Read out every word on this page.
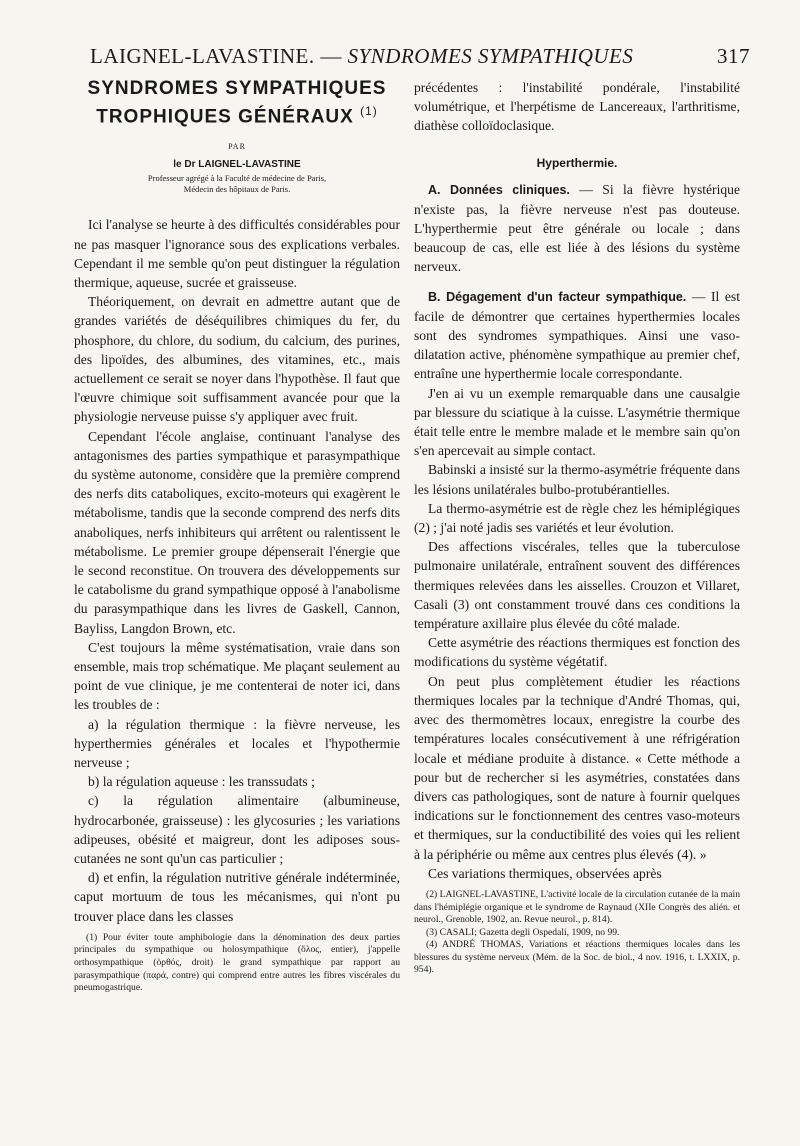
LAIGNEL-LAVASTINE. — SYNDROMES SYMPATHIQUES	317
SYNDROMES SYMPATHIQUES
TROPHIQUES GÉNÉRAUX $^{(1)}$
PAR
le Dr LAIGNEL-LAVASTINE
Professeur agrégé à la Faculté de médecine de Paris,
Médecin des hôpitaux de Paris.

Ici l'analyse se heurte à des difficultés considérables pour ne pas masquer l'ignorance sous des explications verbales. Cependant il me semble qu'on peut distinguer la régulation thermique, aqueuse, sucrée et graisseuse.

Théoriquement, on devrait en admettre autant que de grandes variétés de déséquilibres chimiques du fer, du phosphore, du chlore, du sodium, du calcium, des purines, des lipoïdes, des albumines, des vitamines, etc., mais actuellement ce serait se noyer dans l'hypothèse. Il faut que l'œuvre chimique soit suffisamment avancée pour que la physiologie nerveuse puisse s'y appliquer avec fruit.

Cependant l'école anglaise, continuant l'analyse des antagonismes des parties sympathique et parasympathique du système autonome, considère que la première comprend des nerfs dits cataboliques, excito-moteurs qui exagèrent le métabolisme, tandis que la seconde comprend des nerfs dits anaboliques, nerfs inhibiteurs qui arrêtent ou ralentissent le métabolisme. Le premier groupe dépenserait l'énergie que le second reconstitue. On trouvera des développements sur le catabolisme du grand sympathique opposé à l'anabolisme du parasympathique dans les livres de Gaskell, Cannon, Bayliss, Langdon Brown, etc.

C'est toujours la même systématisation, vraie dans son ensemble, mais trop schématique. Me plaçant seulement au point de vue clinique, je me contenterai de noter ici, dans les troubles de :

a) la régulation thermique : la fièvre nerveuse, les hyperthermies générales et locales et l'hypothermie nerveuse ;

b) la régulation aqueuse : les transsudats ;

c) la régulation alimentaire (albumineuse, hydrocarbonée, graisseuse) : les glycosuries ; les variations adipeuses, obésité et maigreur, dont les adiposes sous-cutanées ne sont qu'un cas particulier ;

d) et enfin, la régulation nutritive générale indéterminée, caput mortuum de tous les mécanismes, qui n'ont pu trouver place dans les classes

(1) Pour éviter toute amphibologie dans la dénomination des deux parties principales du sympathique ou holosympathique (ὅλος, entier), j'appelle orthosympathique (ὀρθός, droit) le grand sympathique par rapport au parasympathique (παρά, contre) qui comprend entre autres les fibres viscérales du pneumogastrique.

précédentes : l'instabilité pondérale, l'instabilité volumétrique, et l'herpétisme de Lancereaux, l'arthritisme, diathèse colloïdoclasique.

Hyperthermie.

A. Données cliniques. — Si la fièvre hystérique n'existe pas, la fièvre nerveuse n'est pas douteuse. L'hyperthermie peut être générale ou locale ; dans beaucoup de cas, elle est liée à des lésions du système nerveux.

B. Dégagement d'un facteur sympathique. — Il est facile de démontrer que certaines hyperthermies locales sont des syndromes sympathiques. Ainsi une vaso-dilatation active, phénomène sympathique au premier chef, entraîne une hyperthermie locale correspondante.

J'en ai vu un exemple remarquable dans une causalgie par blessure du sciatique à la cuisse. L'asymétrie thermique était telle entre le membre malade et le membre sain qu'on s'en apercevait au simple contact.

Babinski a insisté sur la thermo-asymétrie fréquente dans les lésions unilatérales bulbo-protubérantielles.

La thermo-asymétrie est de règle chez les hémiplégiques (2) ; j'ai noté jadis ses variétés et leur évolution.

Des affections viscérales, telles que la tuberculose pulmonaire unilatérale, entraînent souvent des différences thermiques relevées dans les aisselles. Crouzon et Villaret, Casali (3) ont constamment trouvé dans ces conditions la température axillaire plus élevée du côté malade.

Cette asymétrie des réactions thermiques est fonction des modifications du système végétatif.

On peut plus complètement étudier les réactions thermiques locales par la technique d'André Thomas, qui, avec des thermomètres locaux, enregistre la courbe des températures locales consécutivement à une réfrigération locale et médiane produite à distance. « Cette méthode a pour but de rechercher si les asymétries, constatées dans divers cas pathologiques, sont de nature à fournir quelques indications sur le fonctionnement des centres vaso-moteurs et thermiques, sur la conductibilité des voies qui les relient à la périphérie ou même aux centres plus élevés (4). »

Ces variations thermiques, observées après

(2) LAIGNEL-LAVASTINE, L'activité locale de la circulation cutanée de la main dans l'hémiplégie organique et le syndrome de Raynaud (XIIe Congrès des alién. et neurol., Grenoble, 1902, an. Revue neurol., p. 814).

(3) CASALI; Gazetta degli Ospedali, 1909, no 99.

(4) ANDRÉ THOMAS, Variations et réactions thermiques locales dans les blessures du système nerveux (Mém. de la Soc. de biol., 4 nov. 1916, t. LXXIX, p. 954).
